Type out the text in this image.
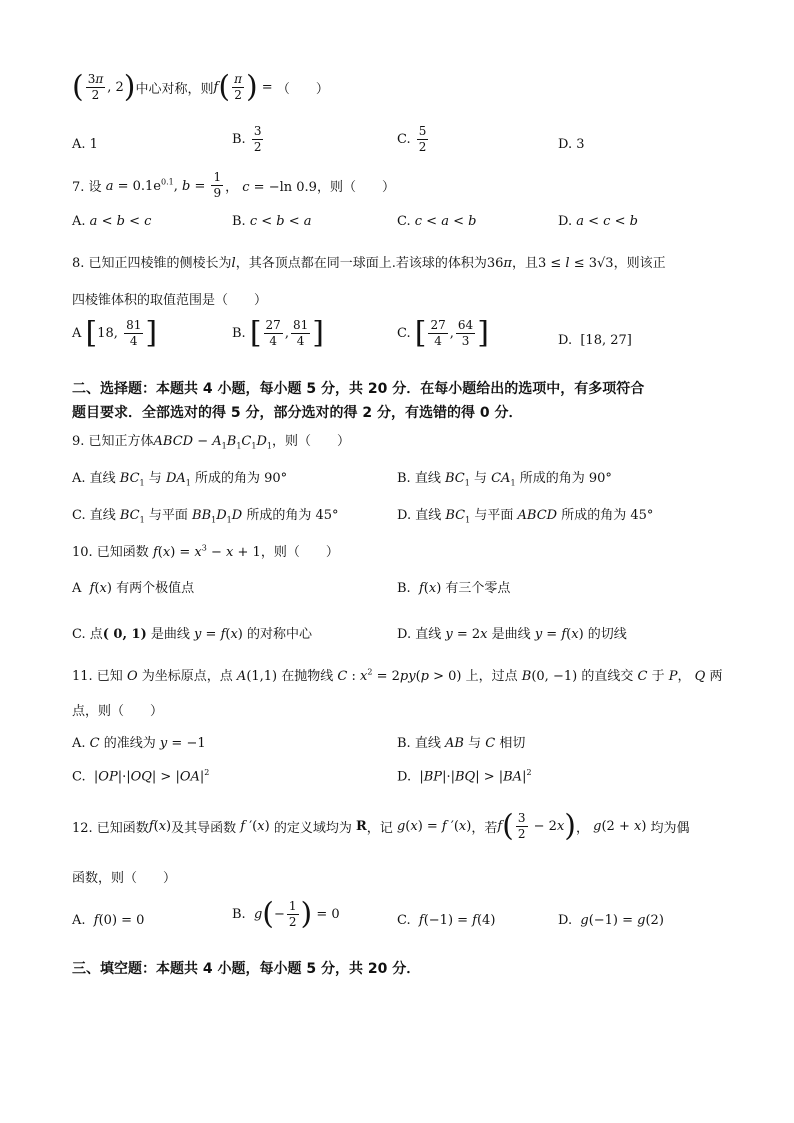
( $\frac{3\pi}{2}$ , 2)中心对称，则$f( \frac{\pi}{2}$ ) = （　　）
A. 1	B. $\frac{3}{2}$	C. $\frac{5}{2}$	D. 3
7. 设 $a = 0.1e^{0.1}$, $b = \frac{1}{9}$ ， c = −ln 0.9，则（　　）
A. a < b < c	B. c < b < a	C. c < a < b	D. a < c < b
8. 已知正四棱锥的侧棱长为l，其各顶点都在同一球面上.若该球的体积为36π，且3 ≤ l ≤ 3√3，则该正
四棱锥体积的取值范围是（　　）
A [18, $\frac{81}{4}$ ]	B. [ $\frac{27}{4}$ , $\frac{81}{4}$ ]	C. [ $\frac{27}{4}$ , $\frac{64}{3}$ ]	D. [18, 27]
二、选择题：本题共 4 小题，每小题 5 分，共 20 分．在每小题给出的选项中，有多项符合
题目要求．全部选对的得 5 分，部分选对的得 2 分，有选错的得 0 分．
9. 已知正方体ABCD − $A_1B_1C_1D_1$，则（　　）
A. 直线 $BC_1$ 与 $DA_1$ 所成的角为 90°	B. 直线 $BC_1$ 与 $CA_1$ 所成的角为 90°
C. 直线 $BC_1$ 与平面 $BB_1D_1D$ 所成的角为 45°	D. 直线 $BC_1$ 与平面 ABCD 所成的角为 45°
10. 已知函数 $f(x) = x^3 - x + 1$，则（　　）
A  f(x) 有两个极值点	B.  f(x) 有三个零点
C. 点( 0, 1) 是曲线 y = f(x) 的对称中心	D. 直线 y = 2x 是曲线 y = f(x) 的切线
11. 已知 O 为坐标原点，点 A(1,1) 在抛物线 C : $x^2 = 2py(p > 0)$ 上，过点 B(0, −1) 的直线交 C 于 P， Q 两
点，则（　　）
A. C 的准线为 y = −1	B. 直线 AB 与 C 相切
C.  $|OP|\cdot|OQ| > |OA|^2$	D.  $|BP|\cdot|BQ| > |BA|^2$
12. 已知函数f(x)及其导函数 f ′(x) 的定义域均为 R，记 g(x) = f ′(x)，若$f( \frac{3}{2} - 2x)$， g(2 + x) 均为偶
函数，则（　　）
A. f(0) = 0	B. $g(- \frac{1}{2}$ ) = 0	C. f(−1) = f(4)	D. g(−1) = g(2)
三、填空题：本题共 4 小题，每小题 5 分，共 20 分．
